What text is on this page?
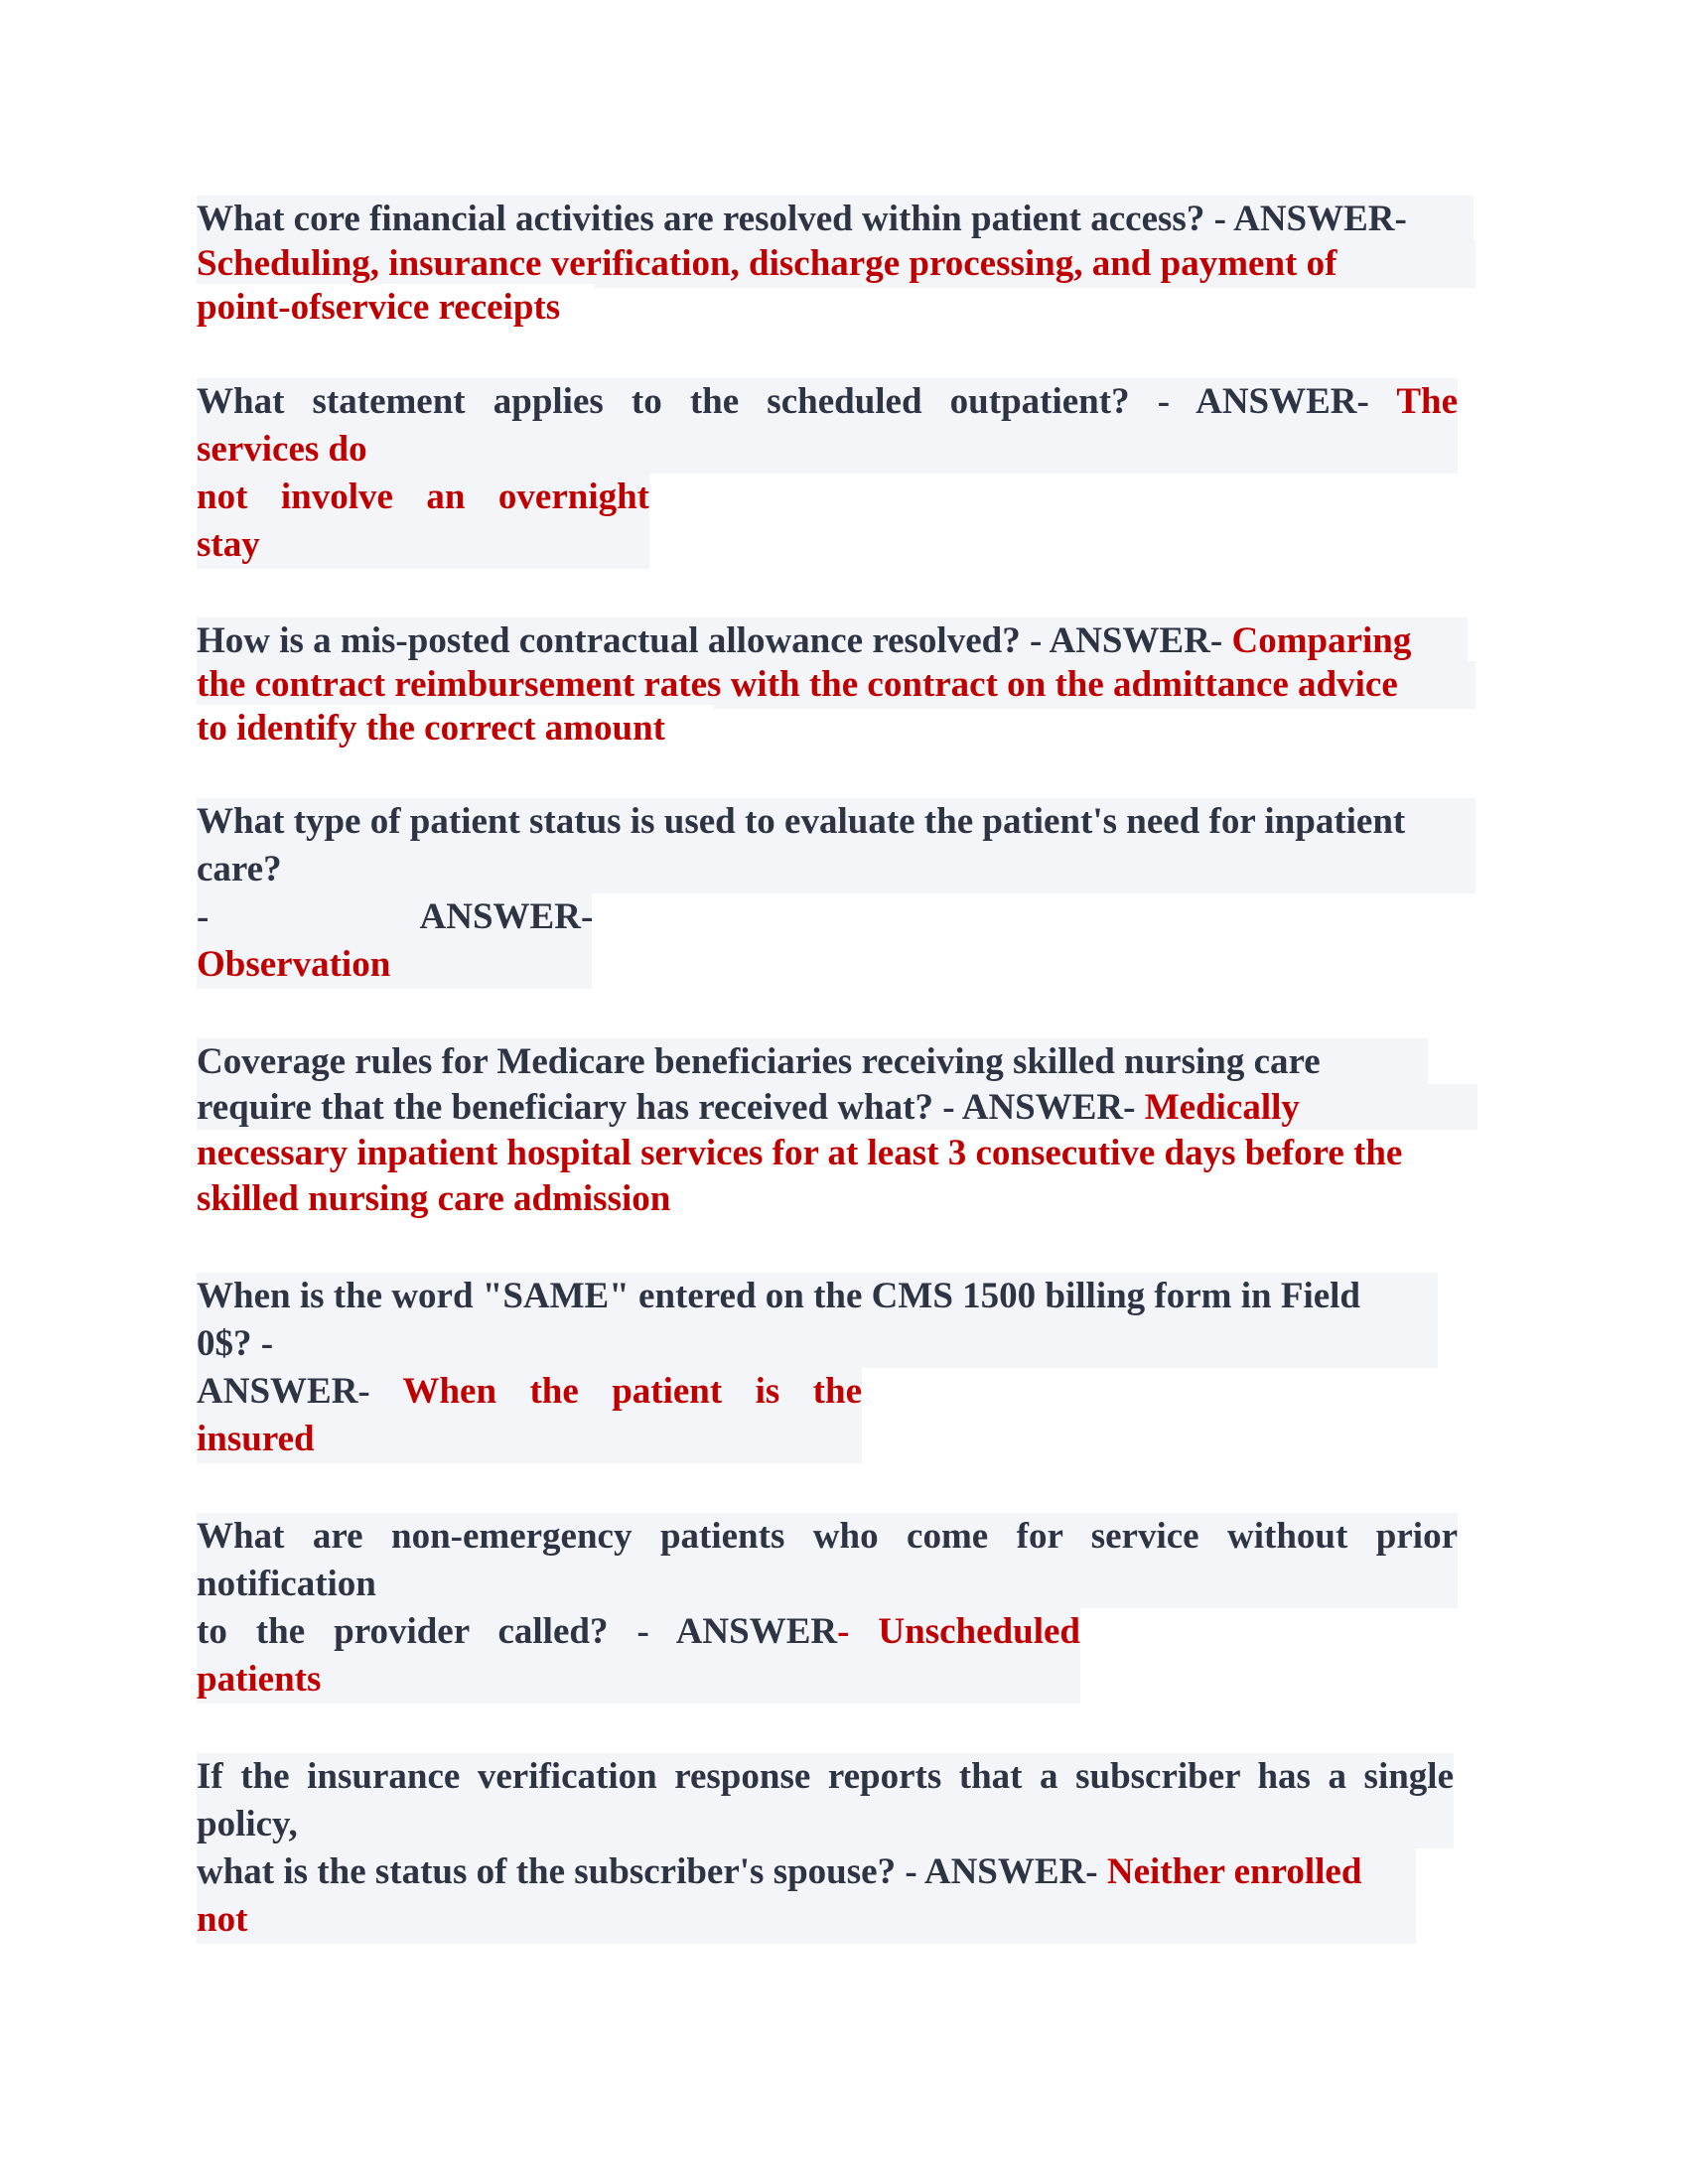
What core financial activities are resolved within patient access? - ANSWER-
Scheduling, insurance verification, discharge processing, and payment of
point-ofservice receipts
What statement applies to the scheduled outpatient? - ANSWER- The
services do
not involve an overnight
stay
How is a mis-posted contractual allowance resolved? - ANSWER- Comparing
the contract reimbursement rates with the contract on the admittance advice
to identify the correct amount
What type of patient status is used to evaluate the patient's need for inpatient
care?
- ANSWER-
Observation
Coverage rules for Medicare beneficiaries receiving skilled nursing care
require that the beneficiary has received what? - ANSWER- Medically
necessary inpatient hospital services for at least 3 consecutive days before the
skilled nursing care admission
When is the word "SAME" entered on the CMS 1500 billing form in Field
0$? -
ANSWER- When the patient is the
insured
What are non-emergency patients who come for service without prior
notification
to the provider called? - ANSWER- Unscheduled
patients
If the insurance verification response reports that a subscriber has a single
policy,
what is the status of the subscriber's spouse? - ANSWER- Neither enrolled
not
